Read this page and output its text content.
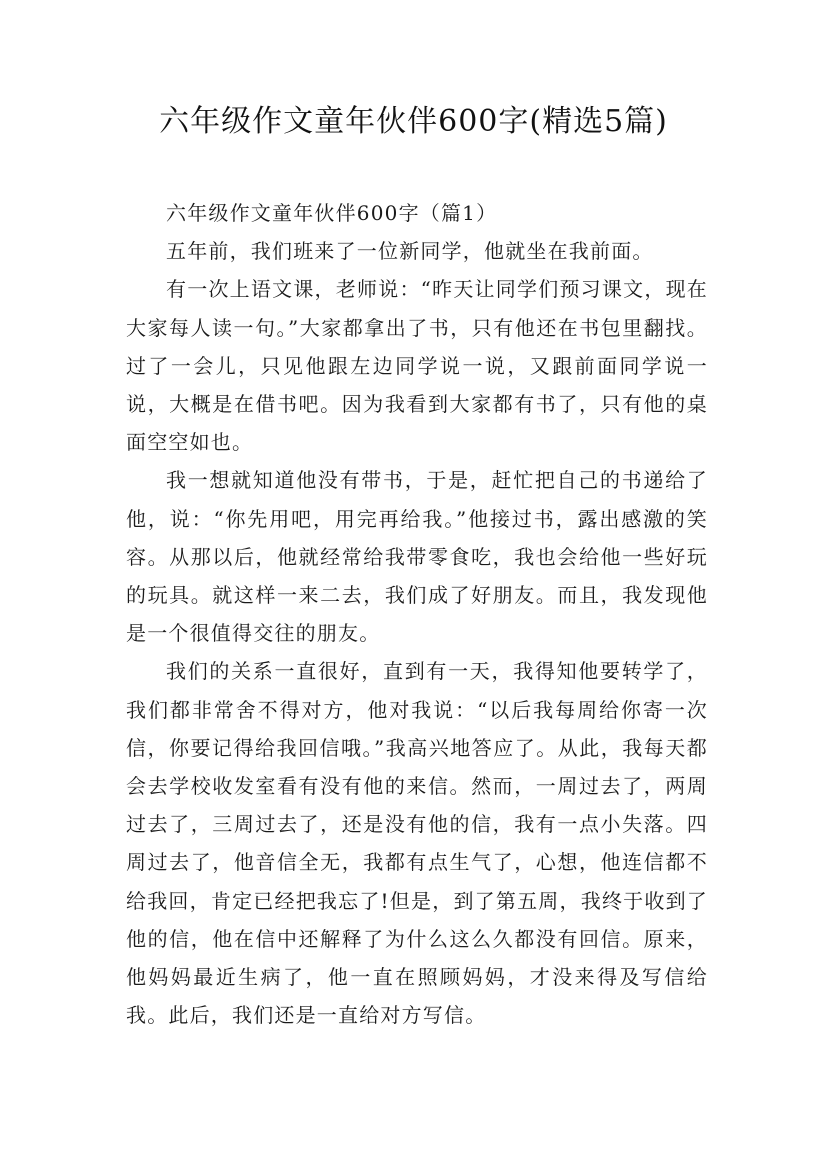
六年级作文童年伙伴600字(精选5篇)

六年级作文童年伙伴600字（篇1）

五年前，我们班来了一位新同学，他就坐在我前面。

有一次上语文课，老师说：“昨天让同学们预习课文，现在大家每人读一句。”大家都拿出了书，只有他还在书包里翻找。过了一会儿，只见他跟左边同学说一说，又跟前面同学说一说，大概是在借书吧。因为我看到大家都有书了，只有他的桌面空空如也。

我一想就知道他没有带书，于是，赶忙把自己的书递给了他，说：“你先用吧，用完再给我。”他接过书，露出感激的笑容。从那以后，他就经常给我带零食吃，我也会给他一些好玩的玩具。就这样一来二去，我们成了好朋友。而且，我发现他是一个很值得交往的朋友。

我们的关系一直很好，直到有一天，我得知他要转学了，我们都非常舍不得对方，他对我说：“以后我每周给你寄一次信，你要记得给我回信哦。”我高兴地答应了。从此，我每天都会去学校收发室看有没有他的来信。然而，一周过去了，两周过去了，三周过去了，还是没有他的信，我有一点小失落。四周过去了，他音信全无，我都有点生气了，心想，他连信都不给我回，肯定已经把我忘了!但是，到了第五周，我终于收到了他的信，他在信中还解释了为什么这么久都没有回信。原来，他妈妈最近生病了，他一直在照顾妈妈，才没来得及写信给我。此后，我们还是一直给对方写信。
